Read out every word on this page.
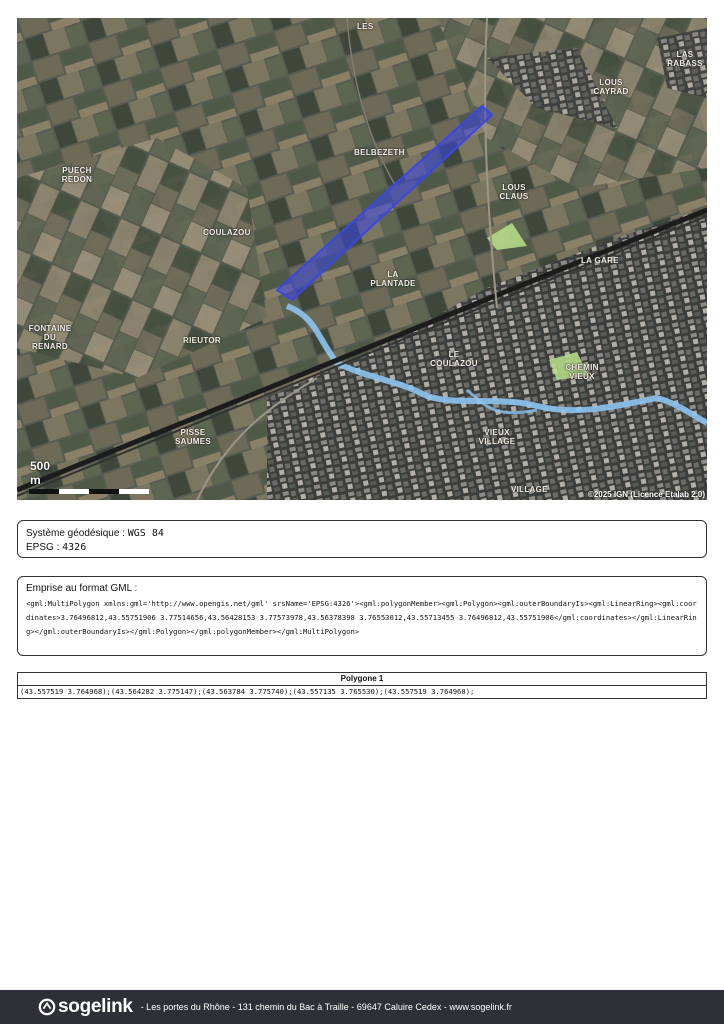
LES
LAS RABASS
LOUS CAYRAD
BELBEZETH
PUECH REDON
LOUS CLAUS
COULAZOU
LA GARE
LA PLANTADE
FONTAINE DU RENARD
RIEUTOR
LE COULAZOU	CHEMIN VIEUX
PISSE SAUMES
VIEUX VILLAGE
VILLAGE
500 m
©2025 IGN (Licence Etalab 2.0)
Système géodésique : WGS 84
EPSG : 4326
Emprise au format GML :
<gml:MultiPolygon xmlns:gml='http://www.opengis.net/gml' srsName='EPSG:4326'><gml:polygonMember><gml:Polygon><gml:outerBoundaryIs><gml:LinearRing><gml:coordinates>3.76496812,43.55751906 3.77514656,43.56428153 3.77573978,43.56378398 3.76553012,43.55713455 3.76496812,43.55751906</gml:coordinates></gml:LinearRing></gml:outerBoundaryIs></gml:Polygon></gml:polygonMember></gml:MultiPolygon>
Polygone 1
(43.557519 3.764968);(43.564282 3.775147);(43.563784 3.775740);(43.557135 3.765530);(43.557519 3.764968);
sogelink - Les portes du Rhône - 131 chemin du Bac à Traille - 69647 Caluire Cedex - www.sogelink.fr
